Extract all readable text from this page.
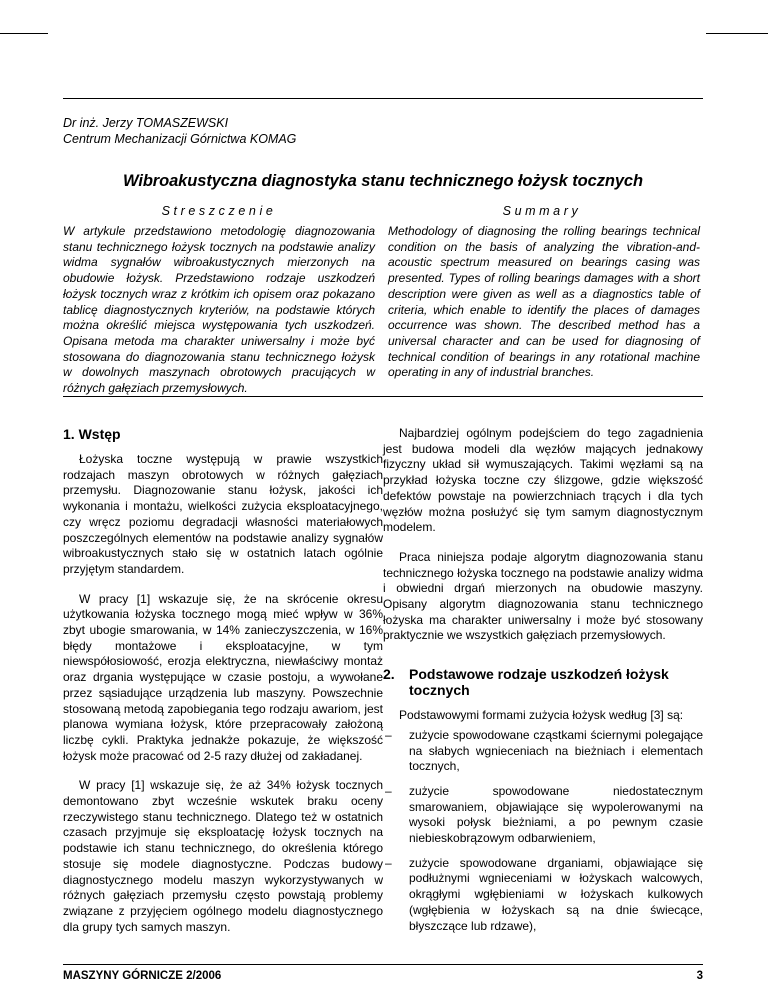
Dr inż. Jerzy TOMASZEWSKI
Centrum Mechanizacji Górnictwa KOMAG
Wibroakustyczna diagnostyka stanu technicznego łożysk tocznych
Streszczenie	Summary
W artykule przedstawiono metodologię diagnozowania stanu technicznego łożysk tocznych na podstawie analizy widma sygnałów wibroakustycznych mierzonych na obudowie łożysk. Przedstawiono rodzaje uszkodzeń łożysk tocznych wraz z krótkim ich opisem oraz pokazano tablicę diagnostycznych kryteriów, na podstawie których można określić miejsca występowania tych uszkodzeń. Opisana metoda ma charakter uniwersalny i może być stosowana do diagnozowania stanu technicznego łożysk w dowolnych maszynach obrotowych pracujących w różnych gałęziach przemysłowych.
Methodology of diagnosing the rolling bearings technical condition on the basis of analyzing the vibration-and-acoustic spectrum measured on bearings casing was presented. Types of rolling bearings damages with a short description were given as well as a diagnostics table of criteria, which enable to identify the places of damages occurrence was shown. The described method has a universal character and can be used for diagnosing of technical condition of bearings in any rotational machine operating in any of industrial branches.
1. Wstęp

Łożyska toczne występują w prawie wszystkich rodzajach maszyn obrotowych w różnych gałęziach przemysłu. Diagnozowanie stanu łożysk, jakości ich wykonania i montażu, wielkości zużycia eksploatacyjnego, czy wręcz poziomu degradacji własności materiałowych poszczególnych elementów na podstawie analizy sygnałów wibroakustycznych stało się w ostatnich latach ogólnie przyjętym standardem.

W pracy [1] wskazuje się, że na skrócenie okresu użytkowania łożyska tocznego mogą mieć wpływ w 36% zbyt ubogie smarowania, w 14% zanieczyszczenia, w 16% błędy montażowe i eksploatacyjne, w tym niewspółosiowość, erozja elektryczna, niewłaściwy montaż oraz drgania występujące w czasie postoju, a wywołane przez sąsiadujące urządzenia lub maszyny. Powszechnie stosowaną metodą zapobiegania tego rodzaju awariom, jest planowa wymiana łożysk, które przepracowały założoną liczbę cykli. Praktyka jednakże pokazuje, że większość łożysk może pracować od 2-5 razy dłużej od zakładanej.

W pracy [1] wskazuje się, że aż 34% łożysk tocznych demontowano zbyt wcześnie wskutek braku oceny rzeczywistego stanu technicznego. Dlatego też w ostatnich czasach przyjmuje się eksploatację łożysk tocznych na podstawie ich stanu technicznego, do określenia którego stosuje się modele diagnostyczne. Podczas budowy diagnostycznego modelu maszyn wykorzystywanych w różnych gałęziach przemysłu często powstają problemy związane z przyjęciem ogólnego modelu diagnostycznego dla grupy tych samych maszyn.

Najbardziej ogólnym podejściem do tego zagadnienia jest budowa modeli dla węzłów mających jednakowy fizyczny układ sił wymuszających. Takimi węzłami są na przykład łożyska toczne czy ślizgowe, gdzie większość defektów powstaje na powierzchniach trących i dla tych węzłów można posłużyć się tym samym diagnostycznym modelem.

Praca niniejsza podaje algorytm diagnozowania stanu technicznego łożyska tocznego na podstawie analizy widma i obwiedni drgań mierzonych na obudowie maszyny. Opisany algorytm diagnozowania stanu technicznego łożyska ma charakter uniwersalny i może być stosowany praktycznie we wszystkich gałęziach przemysłowych.

2.	Podstawowe rodzaje uszkodzeń łożysk tocznych

Podstawowymi formami zużycia łożysk według [3] są:

– zużycie spowodowane cząstkami ściernymi polegające na słabych wgnieceniach na bieżniach i elementach tocznych,
– zużycie spowodowane niedostatecznym smarowaniem, objawiające się wypolerowanymi na wysoki połysk bieżniami, a po pewnym czasie niebieskobrązowym odbarwieniem,
– zużycie spowodowane drganiami, objawiające się podłużnymi wgnieceniami w łożyskach walcowych, okrągłymi wgłębieniami w łożyskach kulkowych (wgłębienia w łożyskach są na dnie świecące, błyszczące lub rdzawe),
MASZYNY GÓRNICZE 2/2006	3
